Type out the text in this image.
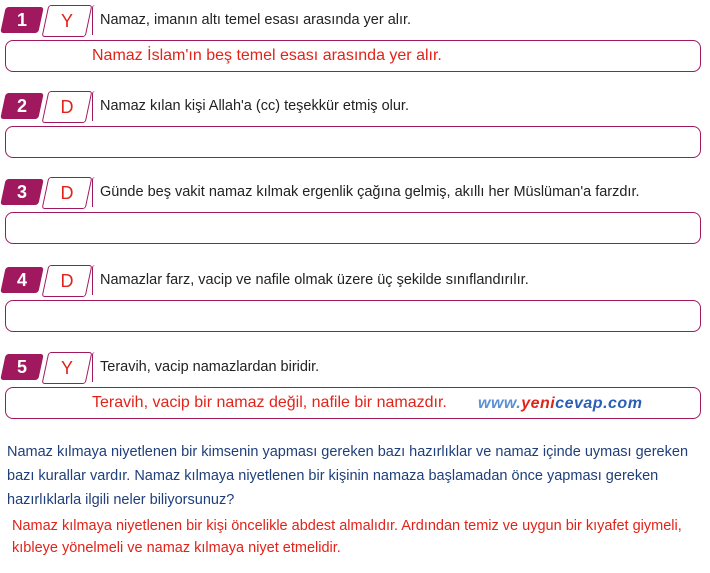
1	Y	Namaz, imanın altı temel esası arasında yer alır.
Namaz İslam'ın beş temel esası arasında yer alır.
2	D	Namaz kılan kişi Allah'a (cc) teşekkür etmiş olur.
3	D	Günde beş vakit namaz kılmak ergenlik çağına gelmiş, akıllı her Müslüman'a farzdır.
4	D	Namazlar farz, vacip ve nafile olmak üzere üç şekilde sınıflandırılır.
5	Y	Teravih, vacip namazlardan biridir.
Teravih, vacip bir namaz değil, nafile bir namazdır.	www.yenicevap.com
Namaz kılmaya niyetlenen bir kimsenin yapması gereken bazı hazırlıklar ve namaz içinde uyması gereken bazı kurallar vardır. Namaz kılmaya niyetlenen bir kişinin namaza başlamadan önce yapması gereken hazırlıklarla ilgili neler biliyorsunuz?
Namaz kılmaya niyetlenen bir kişi öncelikle abdest almalıdır. Ardından temiz ve uygun bir kıyafet giymeli, kıbleye yönelmeli ve namaz kılmaya niyet etmelidir.
